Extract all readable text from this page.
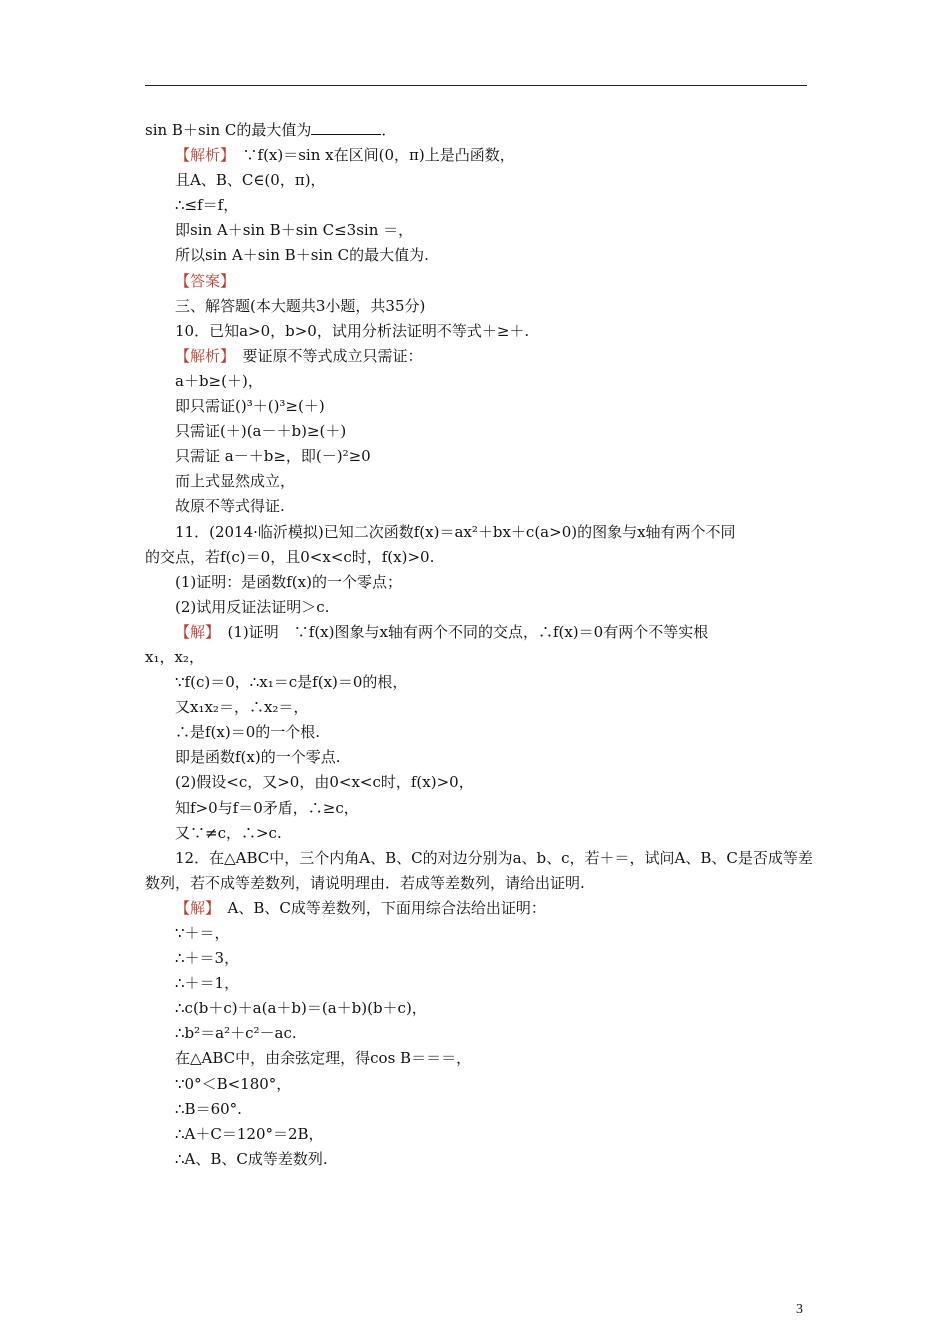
sin B＋sin C的最大值为	．
【解析】　∵f(x)＝sin x在区间(0，π)上是凸函数，
且A、B、C∈(0，π)，
∴≤f＝f，
即sin A＋sin B＋sin C≤3sin ＝，
所以sin A＋sin B＋sin C的最大值为.
【答案】
三、解答题(本大题共3小题，共35分)
10．已知a>0，b>0，试用分析法证明不等式＋≥＋.
【解析】　要证原不等式成立只需证：
a＋b≥(＋)，
即只需证()³＋()³≥(＋)
只需证(＋)(a－＋b)≥(＋)
只需证 a－＋b≥，即(－)²≥0
而上式显然成立，
故原不等式得证.
11．(2014·临沂模拟)已知二次函数f(x)＝ax²＋bx＋c(a>0)的图象与x轴有两个不同
的交点，若f(c)＝0，且0<x<c时，f(x)>0.
(1)证明：是函数f(x)的一个零点；
(2)试用反证法证明＞c.
【解】　(1)证明　∵f(x)图象与x轴有两个不同的交点，∴f(x)＝0有两个不等实根
x₁，x₂，
∵f(c)＝0，∴x₁＝c是f(x)＝0的根，
又x₁x₂＝，∴x₂＝，
∴是f(x)＝0的一个根.
即是函数f(x)的一个零点.
(2)假设<c，又>0，由0<x<c时，f(x)>0，
知f>0与f＝0矛盾，∴≥c，
又∵≠c，∴>c.
12．在△ABC中，三个内角A、B、C的对边分别为a、b、c，若＋＝，试问A、B、C是否成等差
数列，若不成等差数列，请说明理由．若成等差数列，请给出证明.
【解】　A、B、C成等差数列，下面用综合法给出证明：
∵＋＝，
∴＋＝3，
∴＋＝1，
∴c(b＋c)＋a(a＋b)＝(a＋b)(b＋c)，
∴b²＝a²＋c²－ac.
在△ABC中，由余弦定理，得cos B＝＝＝，
∵0°＜B<180°，
∴B＝60°.
∴A＋C＝120°＝2B，
∴A、B、C成等差数列.
3
